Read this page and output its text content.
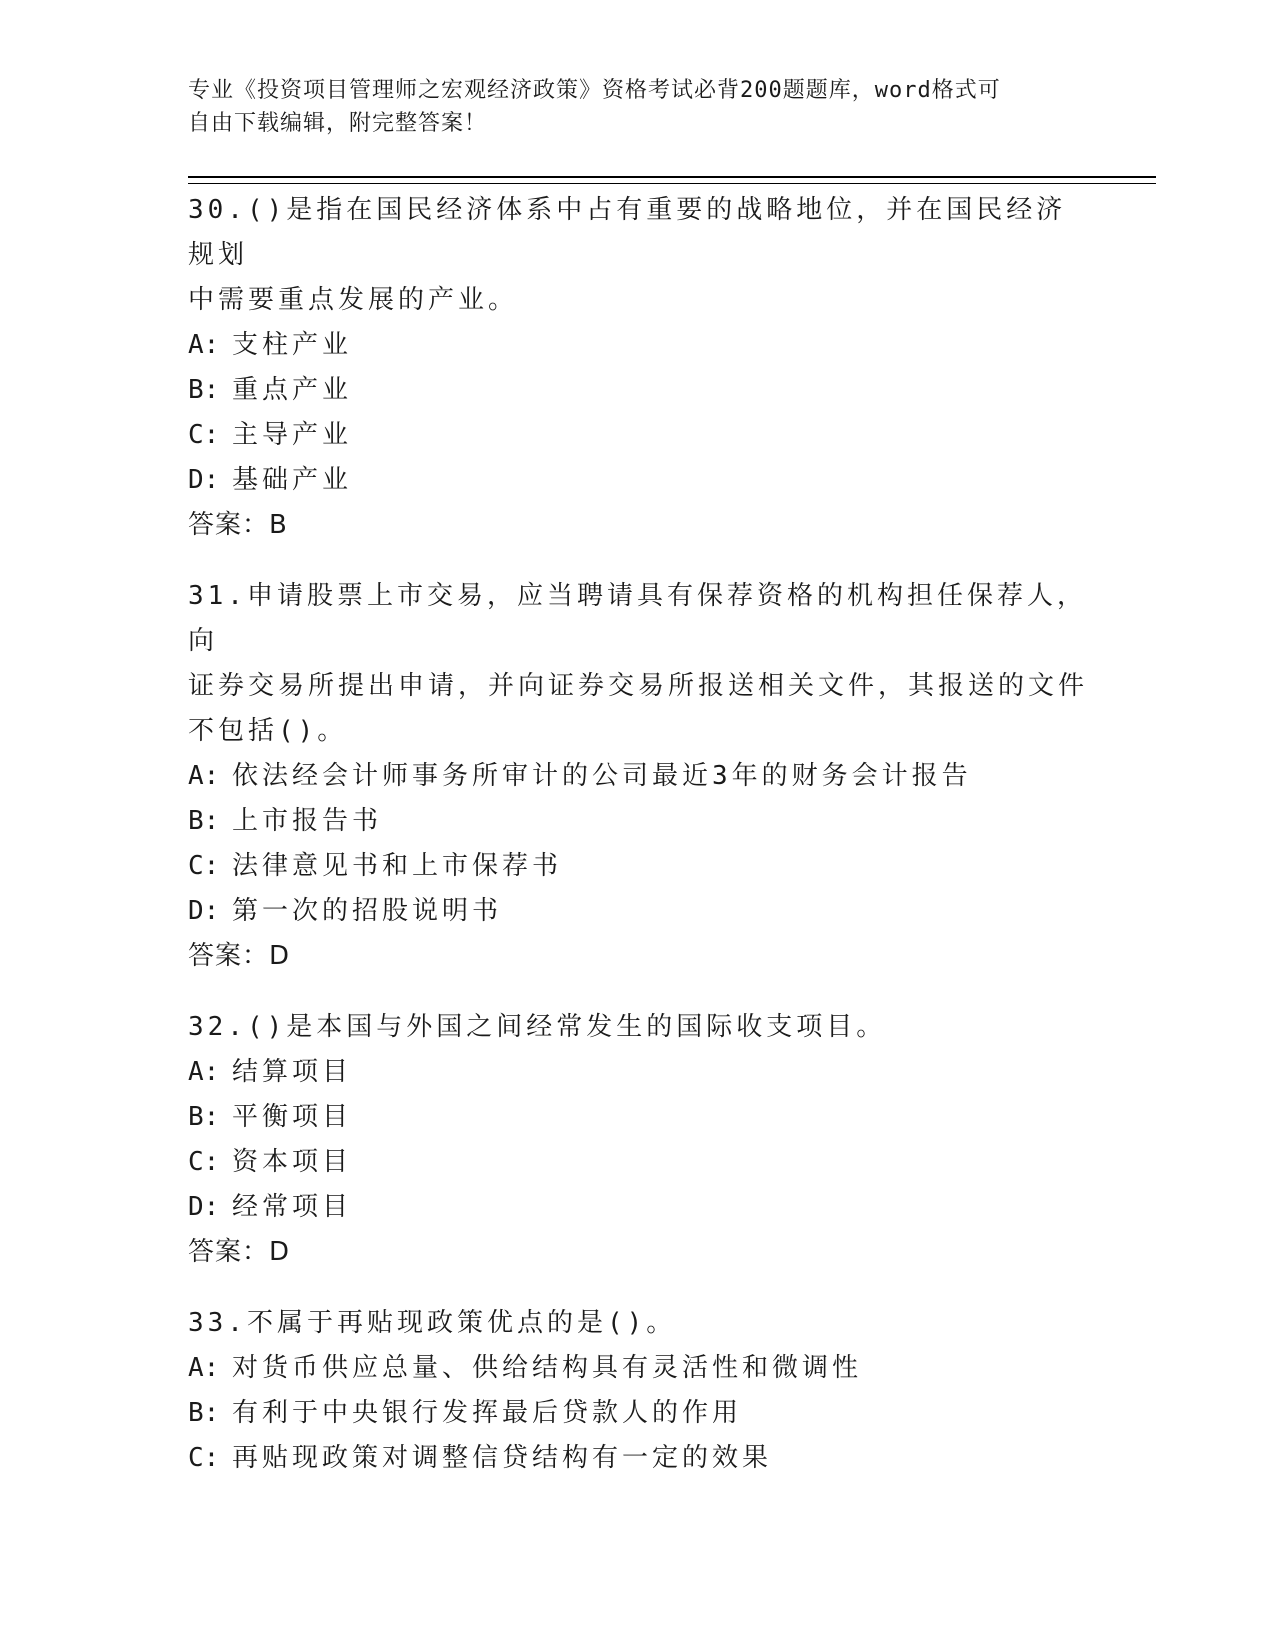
专业《投资项目管理师之宏观经济政策》资格考试必背200题题库，word格式可
自由下载编辑，附完整答案！

30.()是指在国民经济体系中占有重要的战略地位，并在国民经济规划

中需要重点发展的产业。

A: 支柱产业

B: 重点产业

C: 主导产业

D: 基础产业

答案：B

31.申请股票上市交易，应当聘请具有保荐资格的机构担任保荐人，向

证券交易所提出申请，并向证券交易所报送相关文件，其报送的文件

不包括()。

A: 依法经会计师事务所审计的公司最近3年的财务会计报告

B: 上市报告书

C: 法律意见书和上市保荐书

D: 第一次的招股说明书

答案：D

32.()是本国与外国之间经常发生的国际收支项目。

A: 结算项目

B: 平衡项目

C: 资本项目

D: 经常项目

答案：D

33.不属于再贴现政策优点的是()。

A: 对货币供应总量、供给结构具有灵活性和微调性

B: 有利于中央银行发挥最后贷款人的作用

C: 再贴现政策对调整信贷结构有一定的效果
